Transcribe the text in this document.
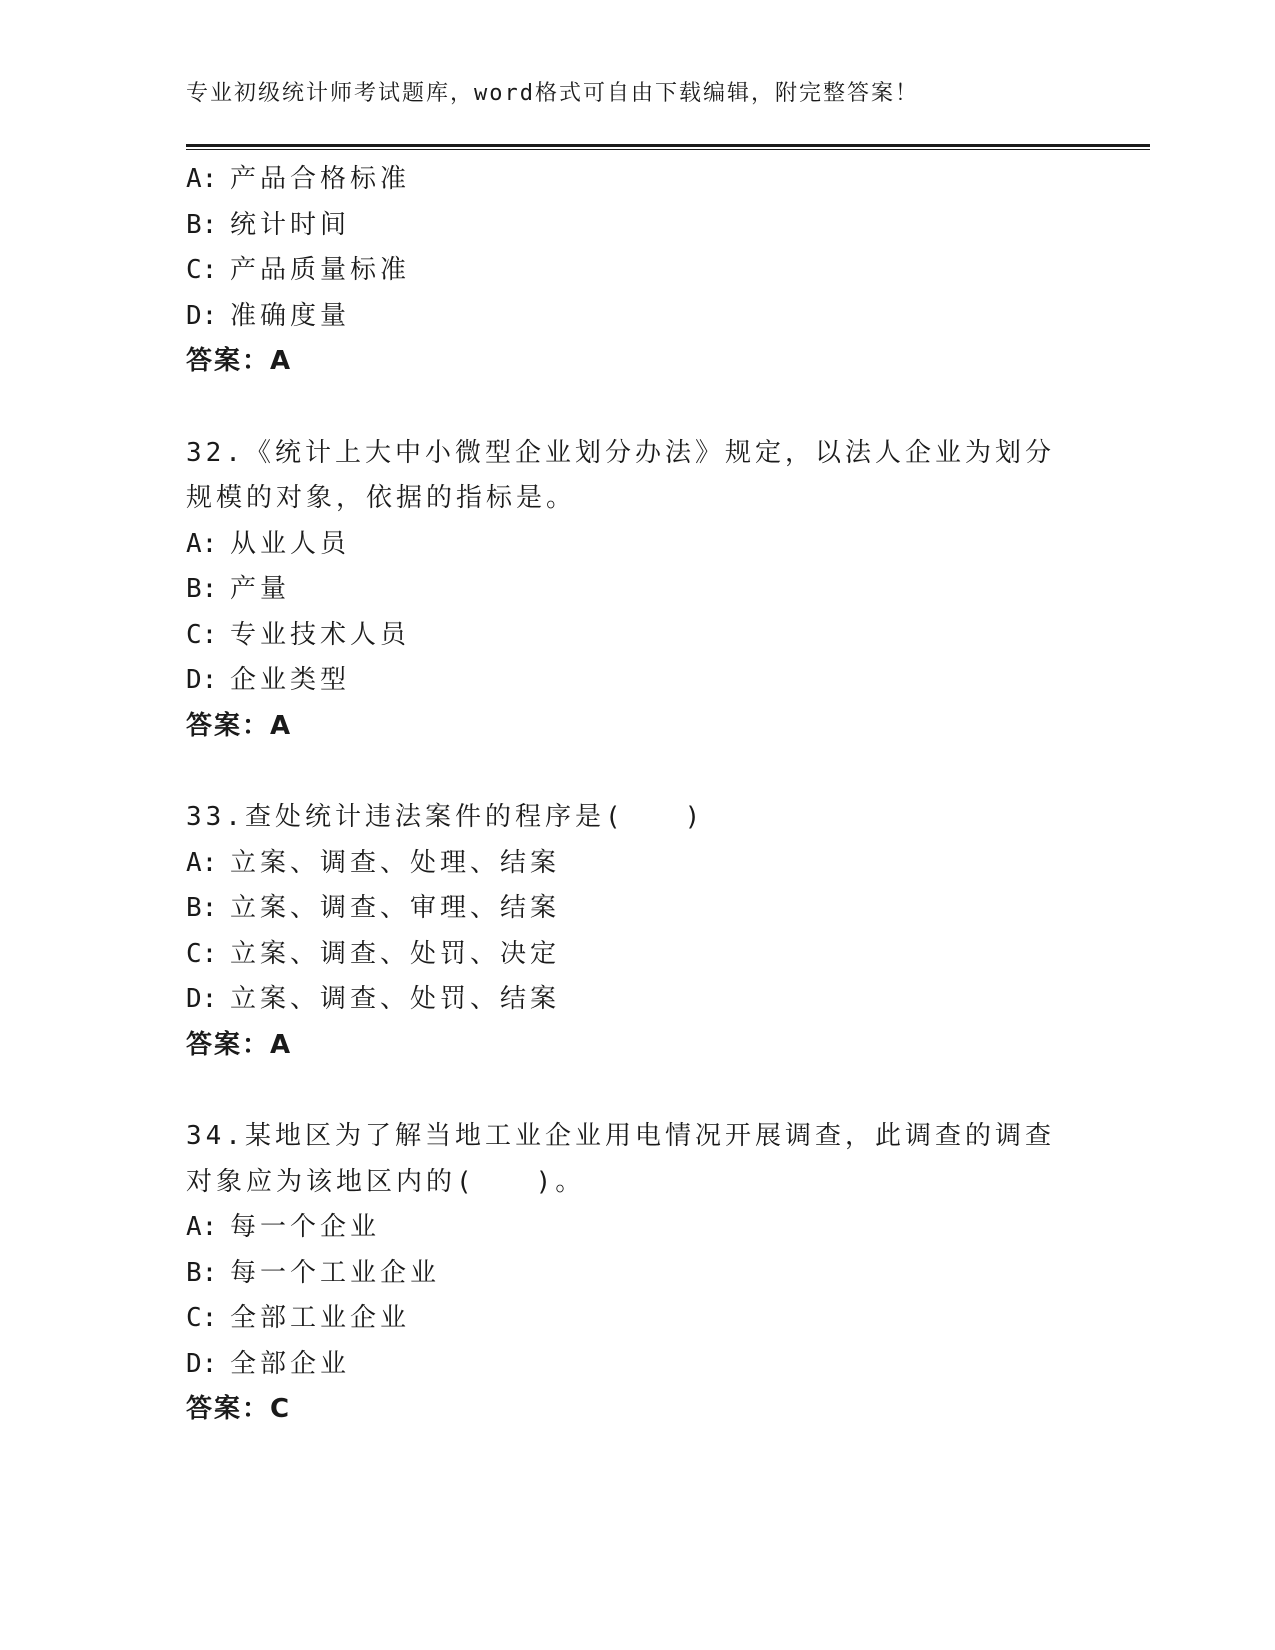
专业初级统计师考试题库，word格式可自由下载编辑，附完整答案！
A: 产品合格标准
B: 统计时间
C: 产品质量标准
D: 准确度量
答案：A
32.《统计上大中小微型企业划分办法》规定，以法人企业为划分规模的对象，依据的指标是。
A: 从业人员
B: 产量
C: 专业技术人员
D: 企业类型
答案：A
33.查处统计违法案件的程序是(　　)
A: 立案、调查、处理、结案
B: 立案、调查、审理、结案
C: 立案、调查、处罚、决定
D: 立案、调查、处罚、结案
答案：A
34.某地区为了解当地工业企业用电情况开展调查，此调查的调查对象应为该地区内的(　　)。
A: 每一个企业
B: 每一个工业企业
C: 全部工业企业
D: 全部企业
答案：C
